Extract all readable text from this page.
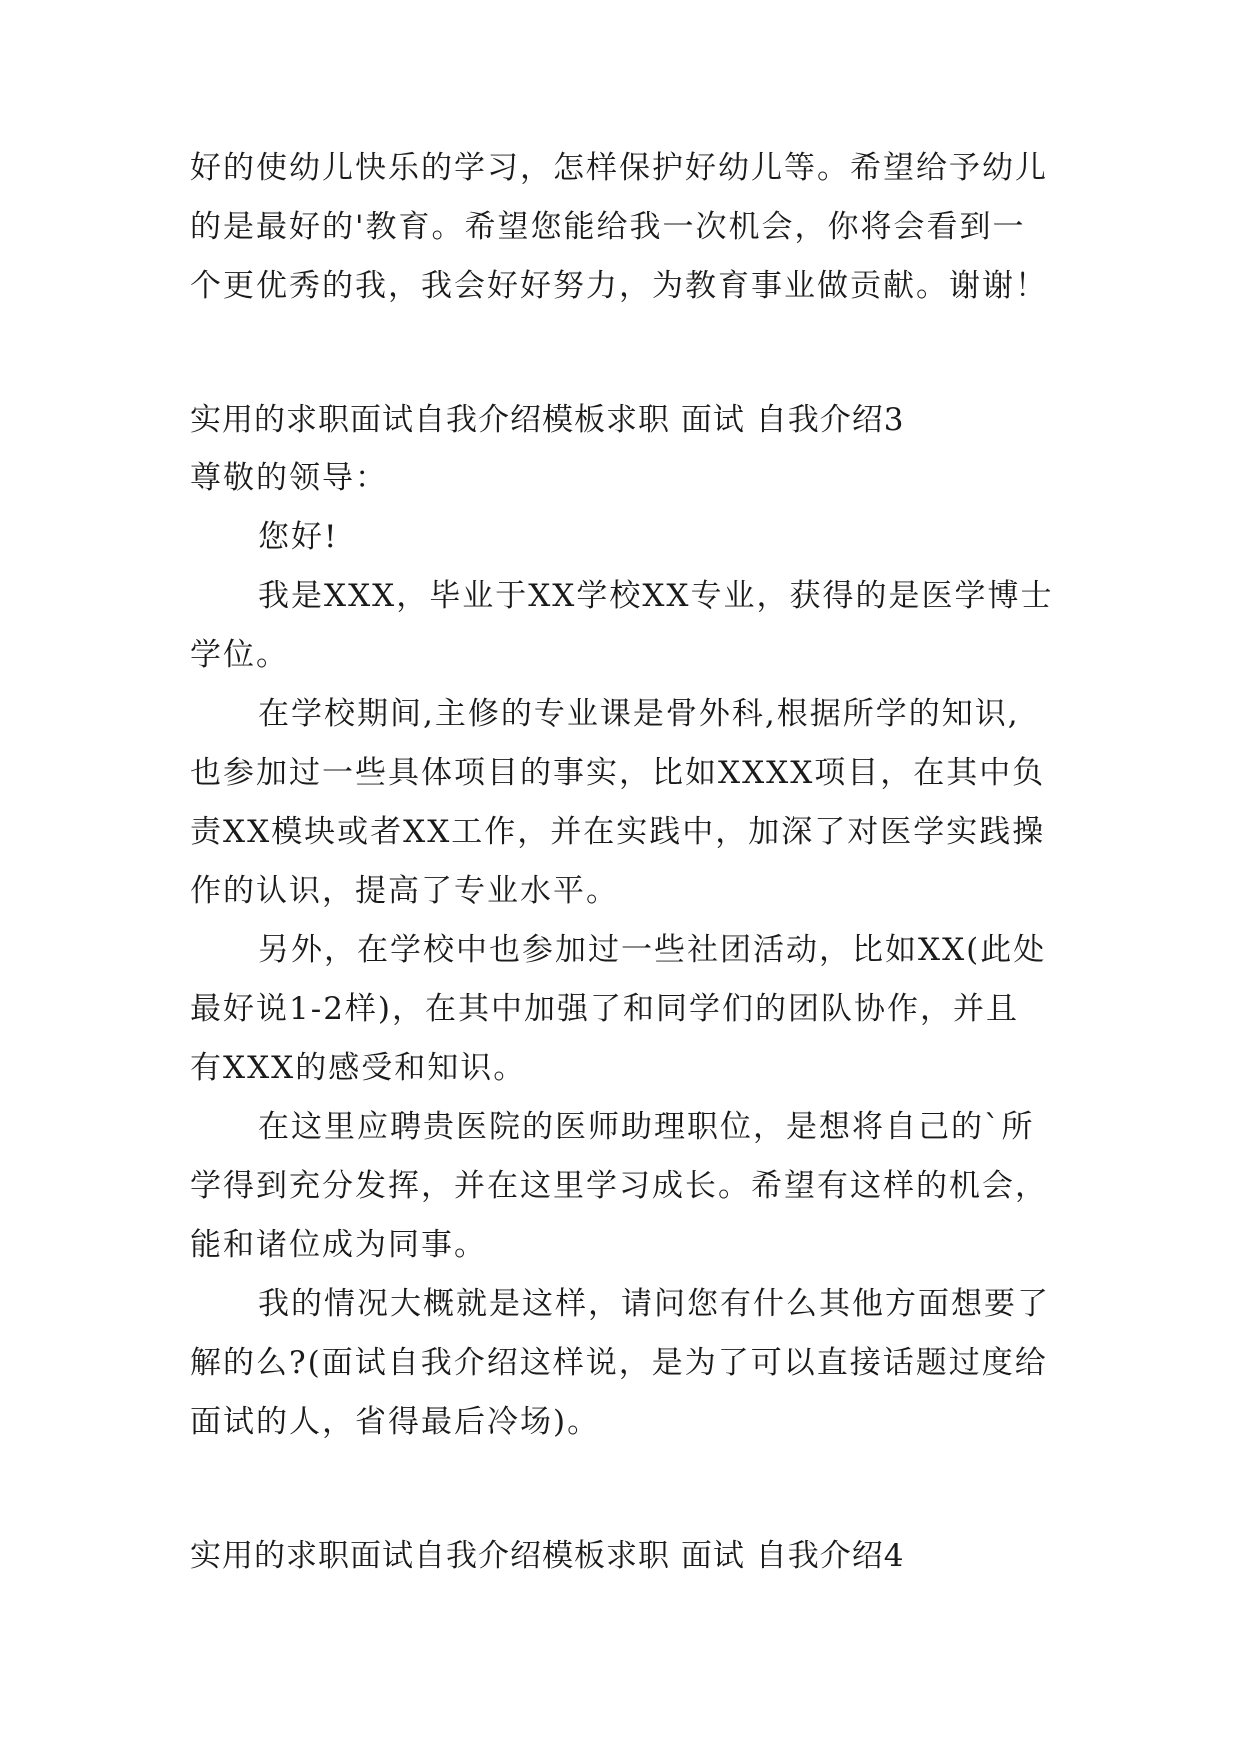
好的使幼儿快乐的学习，怎样保护好幼儿等。希望给予幼儿
的是最好的'教育。希望您能给我一次机会，你将会看到一
个更优秀的我，我会好好努力，为教育事业做贡献。谢谢！
实用的求职面试自我介绍模板求职 面试 自我介绍3
尊敬的领导：
您好!
我是XXX，毕业于XX学校XX专业，获得的是医学博士
学位。
在学校期间,主修的专业课是骨外科,根据所学的知识,
也参加过一些具体项目的事实，比如XXXX项目，在其中负
责XX模块或者XX工作，并在实践中，加深了对医学实践操
作的认识，提高了专业水平。
另外，在学校中也参加过一些社团活动，比如XX(此处
最好说1-2样)，在其中加强了和同学们的团队协作，并且
有XXX的感受和知识。
在这里应聘贵医院的医师助理职位，是想将自己的`所
学得到充分发挥，并在这里学习成长。希望有这样的机会，
能和诸位成为同事。
我的情况大概就是这样，请问您有什么其他方面想要了
解的么?(面试自我介绍这样说，是为了可以直接话题过度给
面试的人，省得最后冷场)。
实用的求职面试自我介绍模板求职 面试 自我介绍4
